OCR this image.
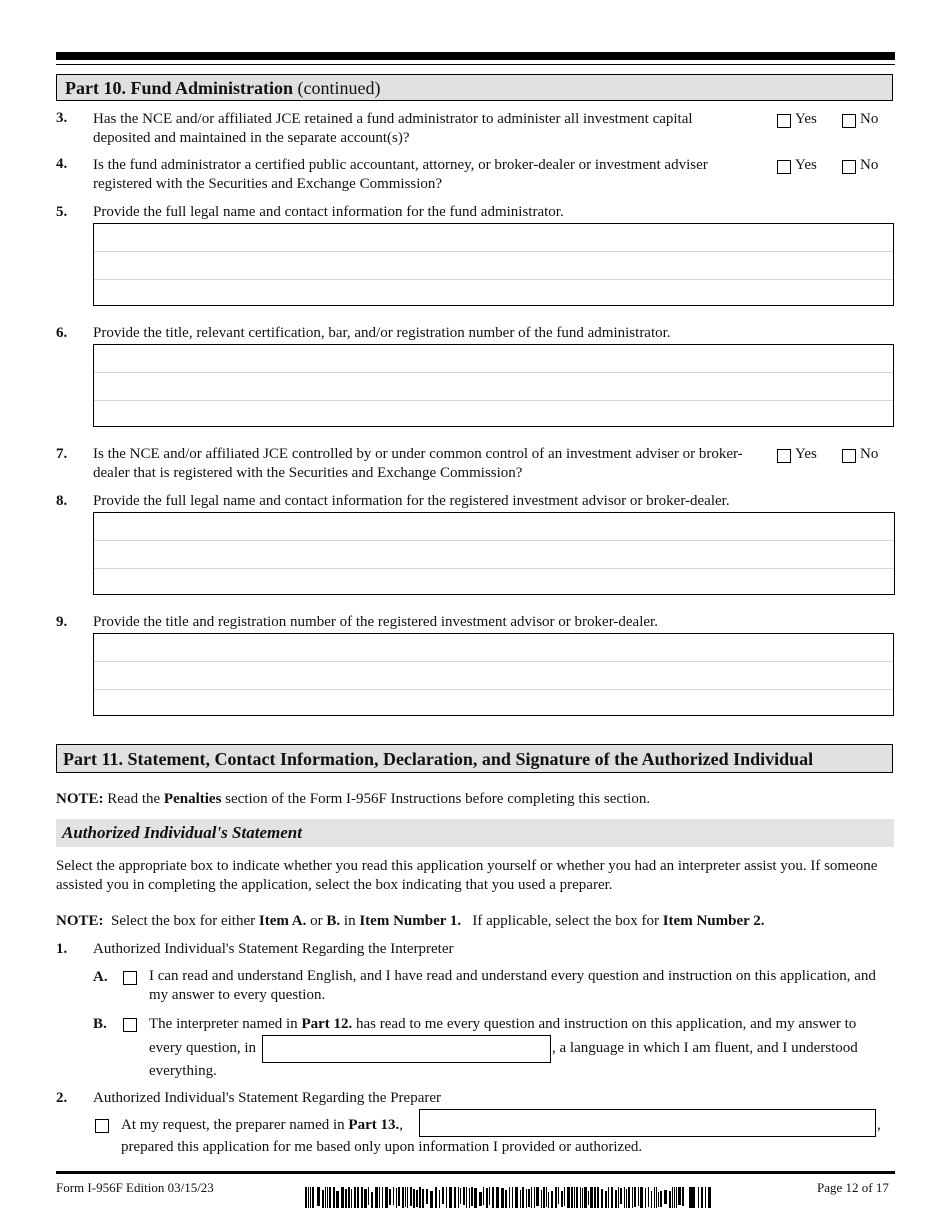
Part 10. Fund Administration (continued)
3. Has the NCE and/or affiliated JCE retained a fund administrator to administer all investment capital deposited and maintained in the separate account(s)?
Yes	No
4. Is the fund administrator a certified public accountant, attorney, or broker-dealer or investment adviser registered with the Securities and Exchange Commission?
Yes	No
5. Provide the full legal name and contact information for the fund administrator.
6. Provide the title, relevant certification, bar, and/or registration number of the fund administrator.
7. Is the NCE and/or affiliated JCE controlled by or under common control of an investment adviser or broker-dealer that is registered with the Securities and Exchange Commission?
Yes	No
8. Provide the full legal name and contact information for the registered investment advisor or broker-dealer.
9. Provide the title and registration number of the registered investment advisor or broker-dealer.
Part 11. Statement, Contact Information, Declaration, and Signature of the Authorized Individual
NOTE: Read the Penalties section of the Form I-956F Instructions before completing this section.
Authorized Individual's Statement
Select the appropriate box to indicate whether you read this application yourself or whether you had an interpreter assist you. If someone assisted you in completing the application, select the box indicating that you used a preparer.
NOTE:  Select the box for either Item A. or B. in Item Number 1.   If applicable, select the box for Item Number 2.
1. Authorized Individual's Statement Regarding the Interpreter
A.	I can read and understand English, and I have read and understand every question and instruction on this application, and my answer to every question.
B.	The interpreter named in Part 12. has read to me every question and instruction on this application, and my answer to
every question, in	, a language in which I am fluent, and I understood
everything.
2. Authorized Individual's Statement Regarding the Preparer
At my request, the preparer named in Part 13.,	,
prepared this application for me based only upon information I provided or authorized.
Form I-956F Edition 03/15/23	Page 12 of 17
